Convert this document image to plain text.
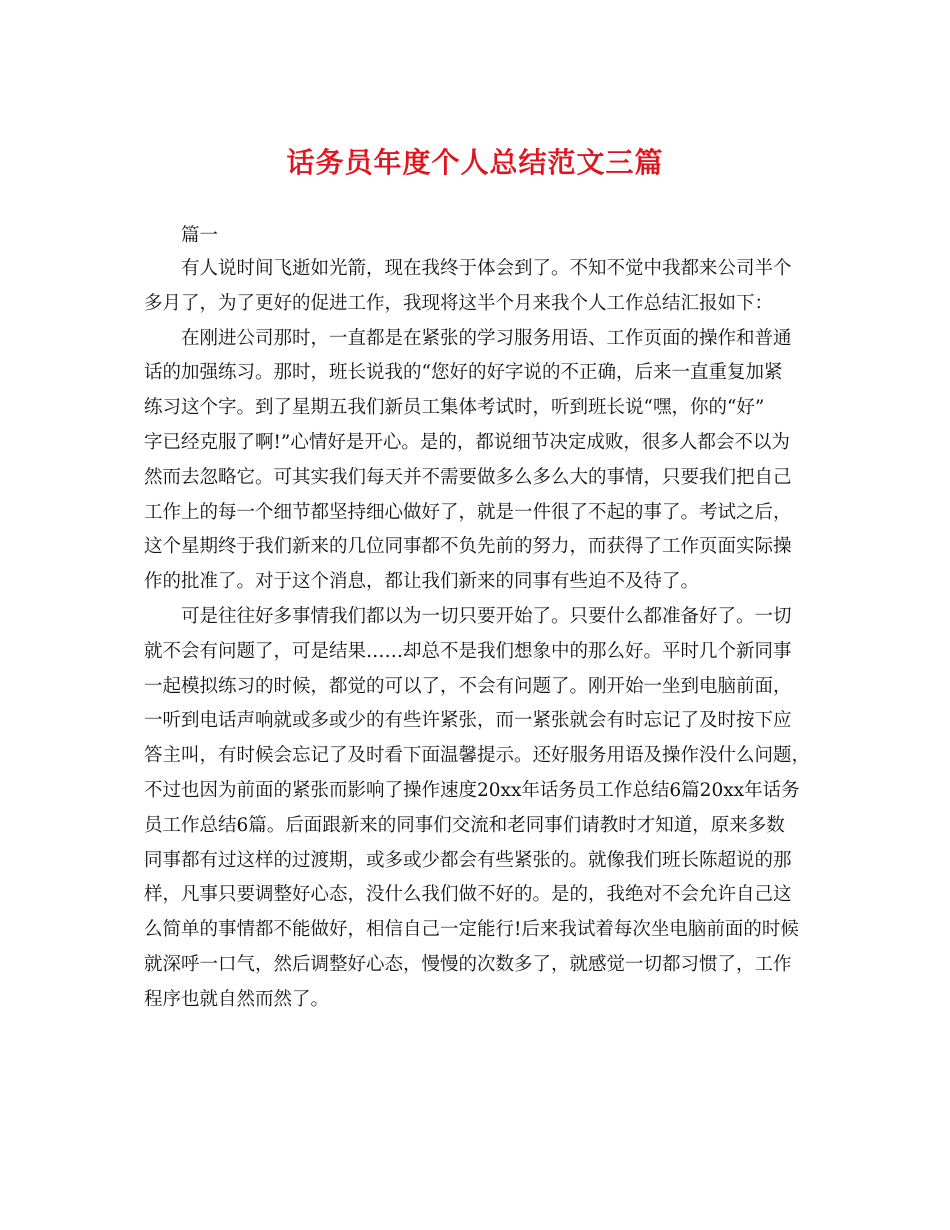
话务员年度个人总结范文三篇
篇一
有人说时间飞逝如光箭，现在我终于体会到了。不知不觉中我都来公司半个
多月了，为了更好的促进工作，我现将这半个月来我个人工作总结汇报如下：
在刚进公司那时，一直都是在紧张的学习服务用语、工作页面的操作和普通
话的加强练习。那时，班长说我的“您好的好字说的不正确，后来一直重复加紧
练习这个字。到了星期五我们新员工集体考试时，听到班长说“嘿，你的“好”
字已经克服了啊!”心情好是开心。是的，都说细节决定成败，很多人都会不以为
然而去忽略它。可其实我们每天并不需要做多么多么大的事情，只要我们把自己
工作上的每一个细节都坚持细心做好了，就是一件很了不起的事了。考试之后，
这个星期终于我们新来的几位同事都不负先前的努力，而获得了工作页面实际操
作的批准了。对于这个消息，都让我们新来的同事有些迫不及待了。
可是往往好多事情我们都以为一切只要开始了。只要什么都准备好了。一切
就不会有问题了，可是结果……却总不是我们想象中的那么好。平时几个新同事
一起模拟练习的时候，都觉的可以了，不会有问题了。刚开始一坐到电脑前面，
一听到电话声响就或多或少的有些许紧张，而一紧张就会有时忘记了及时按下应
答主叫，有时候会忘记了及时看下面温馨提示。还好服务用语及操作没什么问题，
不过也因为前面的紧张而影响了操作速度20xx年话务员工作总结6篇20xx年话务
员工作总结6篇。后面跟新来的同事们交流和老同事们请教时才知道，原来多数
同事都有过这样的过渡期，或多或少都会有些紧张的。就像我们班长陈超说的那
样，凡事只要调整好心态，没什么我们做不好的。是的，我绝对不会允许自己这
么简单的事情都不能做好，相信自己一定能行!后来我试着每次坐电脑前面的时候
就深呼一口气，然后调整好心态，慢慢的次数多了，就感觉一切都习惯了，工作
程序也就自然而然了。
